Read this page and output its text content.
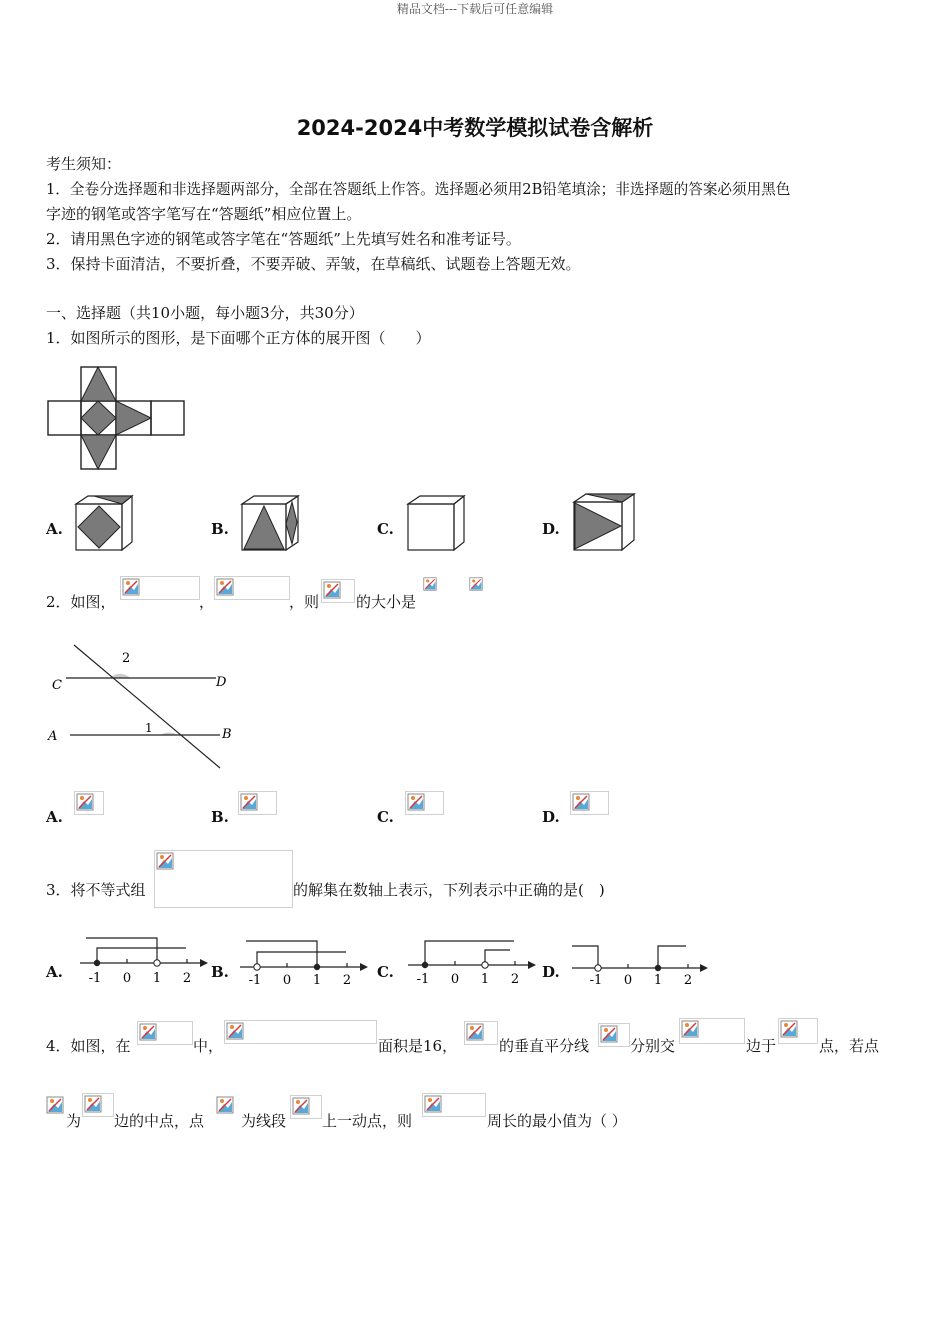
精品文档---下载后可任意编辑
2024-2024中考数学模拟试卷含解析
考生须知：
1．全卷分选择题和非选择题两部分，全部在答题纸上作答。选择题必须用2B铅笔填涂；非选择题的答案必须用黑色
字迹的钢笔或答字笔写在“答题纸”相应位置上。
2．请用黑色字迹的钢笔或答字笔在“答题纸”上先填写姓名和准考证号。
3．保持卡面清洁，不要折叠，不要弄破、弄皱，在草稿纸、试题卷上答题无效。
一、选择题（共10小题，每小题3分，共30分）
1．如图所示的图形，是下面哪个正方体的展开图（　　）
A.	B.	C.	D.
2．如图，	，	，则 的大小是
C	D
A	B
1
2
A.	B.	C.	D.
3．将不等式组	的解集在数轴上表示，下列表示中正确的是(　)
A. -1 0 1 2 B. -1 0 1 2 C. -1 0 1 2 D. -1 0 1 2
4．如图，在	中，	面积是16，	的垂直平分线	分别交	边于	点，若点
为 边的中点，点 为线段 上一动点，则	周长的最小值为（ ）
